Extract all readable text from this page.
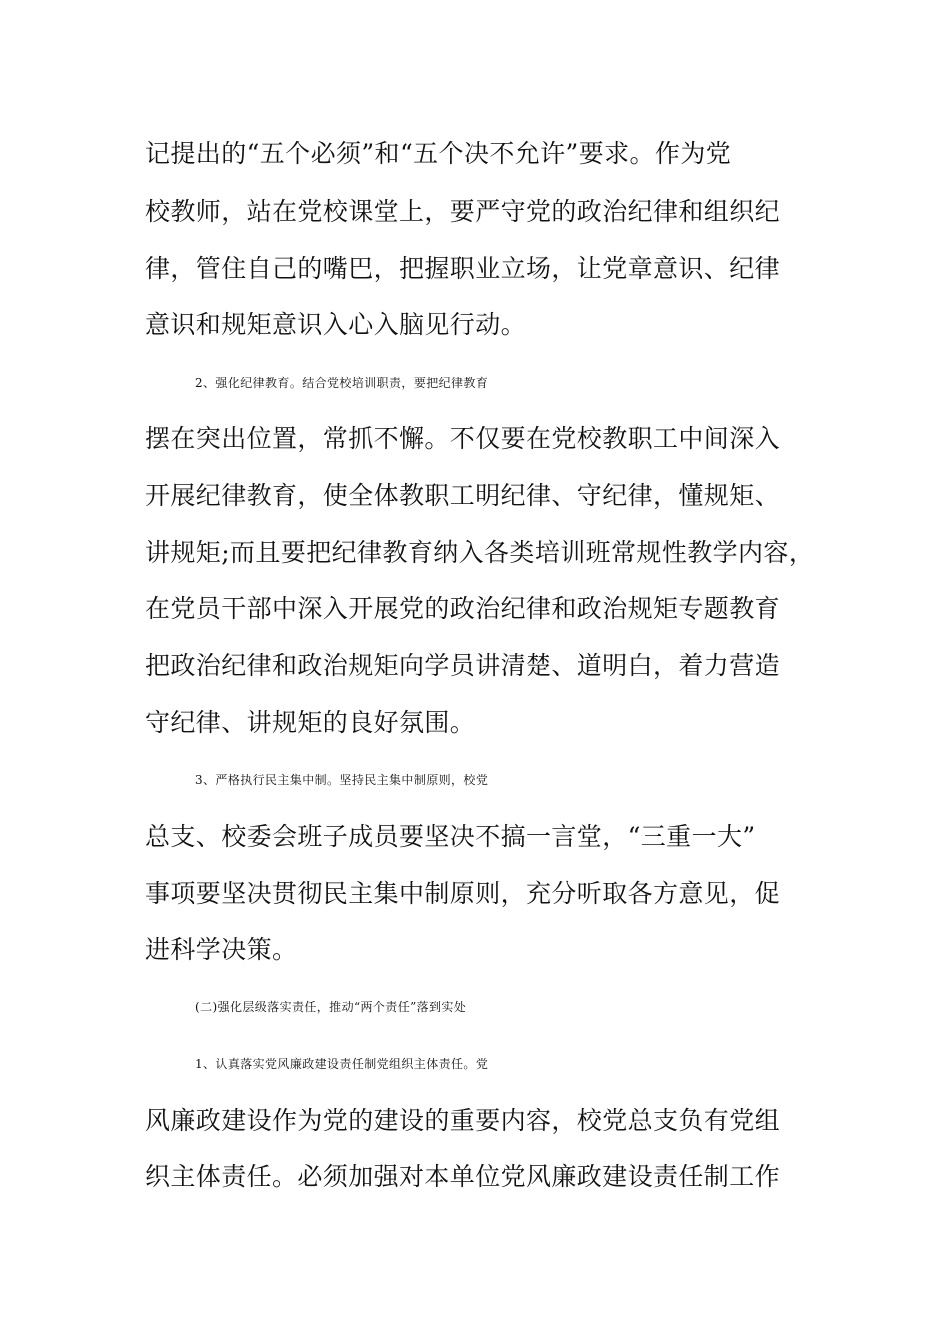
记提出的“五个必须”和“五个决不允许”要求。作为党
校教师，站在党校课堂上，要严守党的政治纪律和组织纪
律，管住自己的嘴巴，把握职业立场，让党章意识、纪律
意识和规矩意识入心入脑见行动。
2、强化纪律教育。结合党校培训职责，要把纪律教育
摆在突出位置，常抓不懈。不仅要在党校教职工中间深入
开展纪律教育，使全体教职工明纪律、守纪律，懂规矩、
讲规矩;而且要把纪律教育纳入各类培训班常规性教学内容，
在党员干部中深入开展党的政治纪律和政治规矩专题教育
把政治纪律和政治规矩向学员讲清楚、道明白，着力营造
守纪律、讲规矩的良好氛围。
3、严格执行民主集中制。坚持民主集中制原则，校党
总支、校委会班子成员要坚决不搞一言堂，“三重一大”
事项要坚决贯彻民主集中制原则，充分听取各方意见，促
进科学决策。
(二)强化层级落实责任，推动“两个责任”落到实处
1、认真落实党风廉政建设责任制党组织主体责任。党
风廉政建设作为党的建设的重要内容，校党总支负有党组
织主体责任。必须加强对本单位党风廉政建设责任制工作
